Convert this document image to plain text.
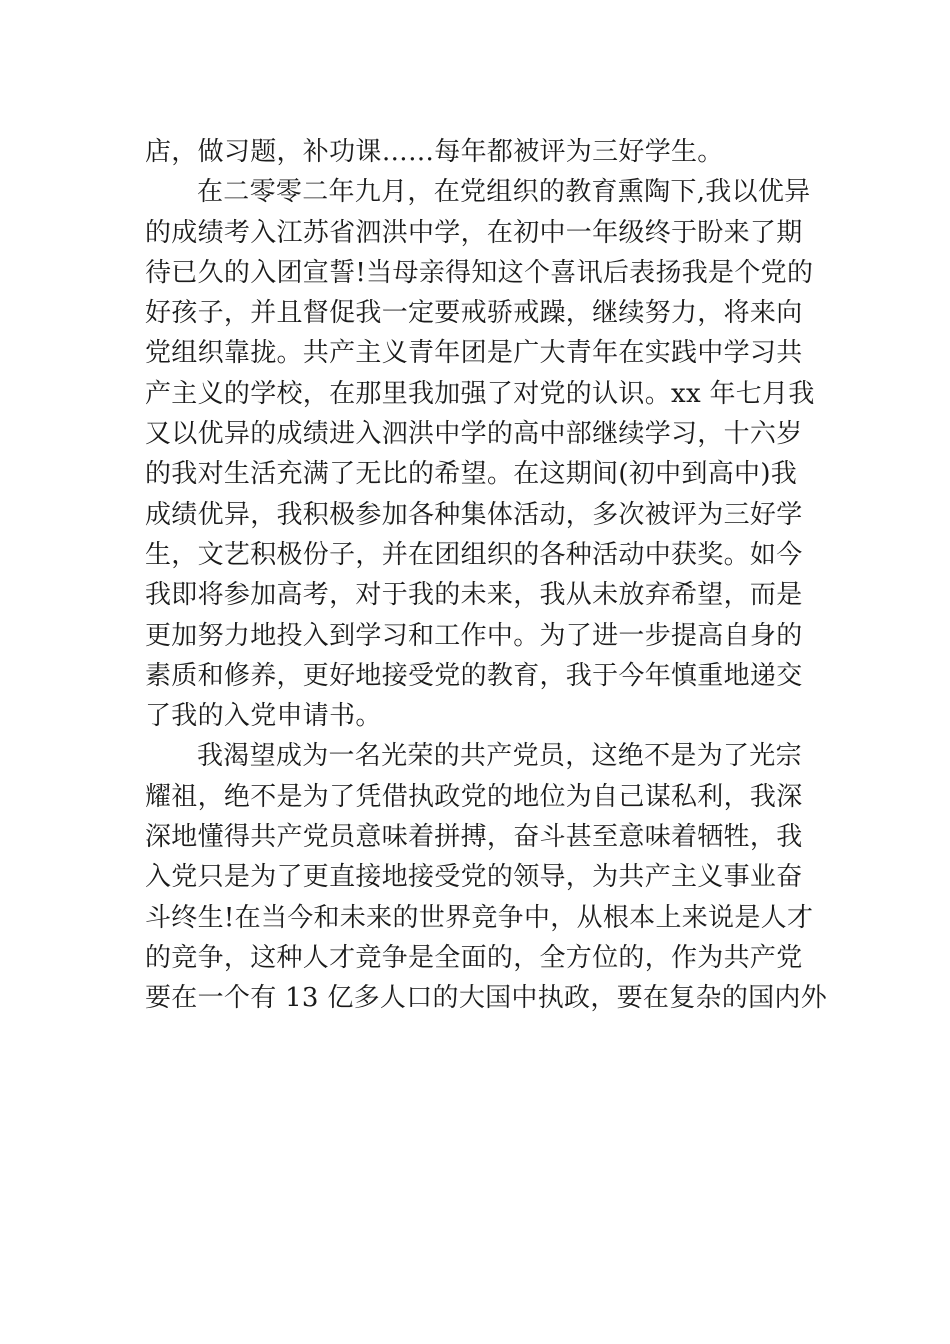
店，做习题，补功课……每年都被评为三好学生。
在二零零二年九月，在党组织的教育熏陶下,我以优异
的成绩考入江苏省泗洪中学，在初中一年级终于盼来了期
待已久的入团宣誓!当母亲得知这个喜讯后表扬我是个党的
好孩子，并且督促我一定要戒骄戒躁，继续努力，将来向
党组织靠拢。共产主义青年团是广大青年在实践中学习共
产主义的学校，在那里我加强了对党的认识。xx 年七月我
又以优异的成绩进入泗洪中学的高中部继续学习，十六岁
的我对生活充满了无比的希望。在这期间(初中到高中)我
成绩优异，我积极参加各种集体活动，多次被评为三好学
生，文艺积极份子，并在团组织的各种活动中获奖。如今
我即将参加高考，对于我的未来，我从未放弃希望，而是
更加努力地投入到学习和工作中。为了进一步提高自身的
素质和修养，更好地接受党的教育，我于今年慎重地递交
了我的入党申请书。
我渴望成为一名光荣的共产党员，这绝不是为了光宗
耀祖，绝不是为了凭借执政党的地位为自己谋私利，我深
深地懂得共产党员意味着拼搏，奋斗甚至意味着牺牲，我
入党只是为了更直接地接受党的领导，为共产主义事业奋
斗终生!在当今和未来的世界竞争中，从根本上来说是人才
的竞争，这种人才竞争是全面的，全方位的，作为共产党
要在一个有 13 亿多人口的大国中执政，要在复杂的国内外
